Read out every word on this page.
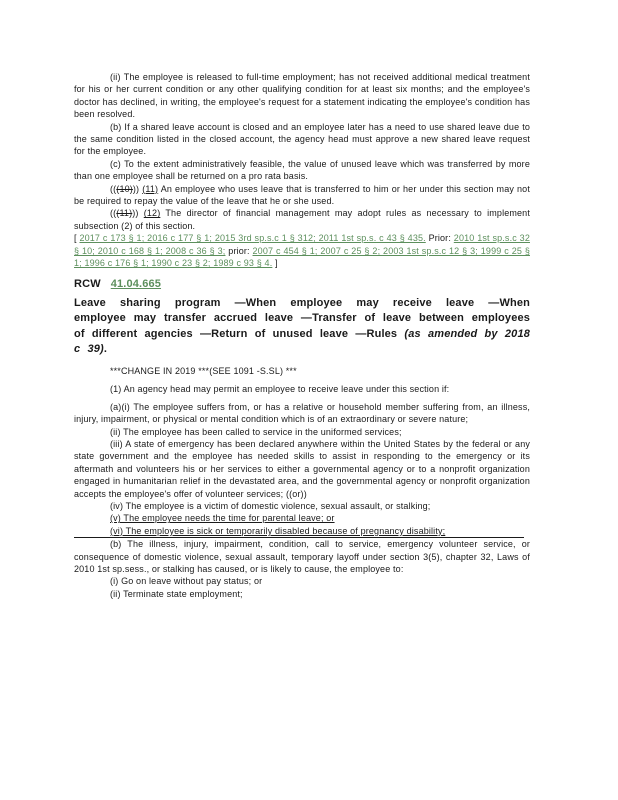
(ii) The employee is released to full-time employment; has not received additional medical treatment for his or her current condition or any other qualifying condition for at least six months; and the employee's doctor has declined, in writing, the employee's request for a statement indicating the employee's condition has been resolved.

(b) If a shared leave account is closed and an employee later has a need to use shared leave due to the same condition listed in the closed account, the agency head must approve a new shared leave request for the employee.

(c) To the extent administratively feasible, the value of unused leave which was transferred by more than one employee shall be returned on a pro rata basis.

(((10))) (11) An employee who uses leave that is transferred to him or her under this section may not be required to repay the value of the leave that he or she used.

(((11))) (12) The director of financial management may adopt rules as necessary to implement subsection (2) of this section.

[ 2017 c 173 § 1; 2016 c 177 § 1; 2015 3rd sp.s.c 1 § 312; 2011 1st sp.s. c 43 § 435. Prior: 2010 1st sp.s.c 32 § 10; 2010 c 168 § 1; 2008 c 36 § 3; prior: 2007 c 454 § 1; 2007 c 25 § 2; 2003 1st sp.s.c 12 § 3; 1999 c 25 § 1; 1996 c 176 § 1; 1990 c 23 § 2; 1989 c 93 § 4. ]

RCW 41.04.665
Leave sharing program —When employee may receive leave —When employee may transfer accrued leave —Transfer of leave between employees of different agencies —Return of unused leave —Rules (as amended by 2018 c 39).

***CHANGE IN 2019 ***(SEE 1091 -S.SL) ***

(1) An agency head may permit an employee to receive leave under this section if:

(a)(i) The employee suffers from, or has a relative or household member suffering from, an illness, injury, impairment, or physical or mental condition which is of an extraordinary or severe nature;

(ii) The employee has been called to service in the uniformed services;

(iii) A state of emergency has been declared anywhere within the United States by the federal or any state government and the employee has needed skills to assist in responding to the emergency or its aftermath and volunteers his or her services to either a governmental agency or to a nonprofit organization engaged in humanitarian relief in the devastated area, and the governmental agency or nonprofit organization accepts the employee's offer of volunteer services; ((or))

(iv) The employee is a victim of domestic violence, sexual assault, or stalking;

(v) The employee needs the time for parental leave; or

(vi) The employee is sick or temporarily disabled because of pregnancy disability;

(b) The illness, injury, impairment, condition, call to service, emergency volunteer service, or consequence of domestic violence, sexual assault, temporary layoff under section 3(5), chapter 32, Laws of 2010 1st sp.sess., or stalking has caused, or is likely to cause, the employee to:

(i) Go on leave without pay status; or

(ii) Terminate state employment;
